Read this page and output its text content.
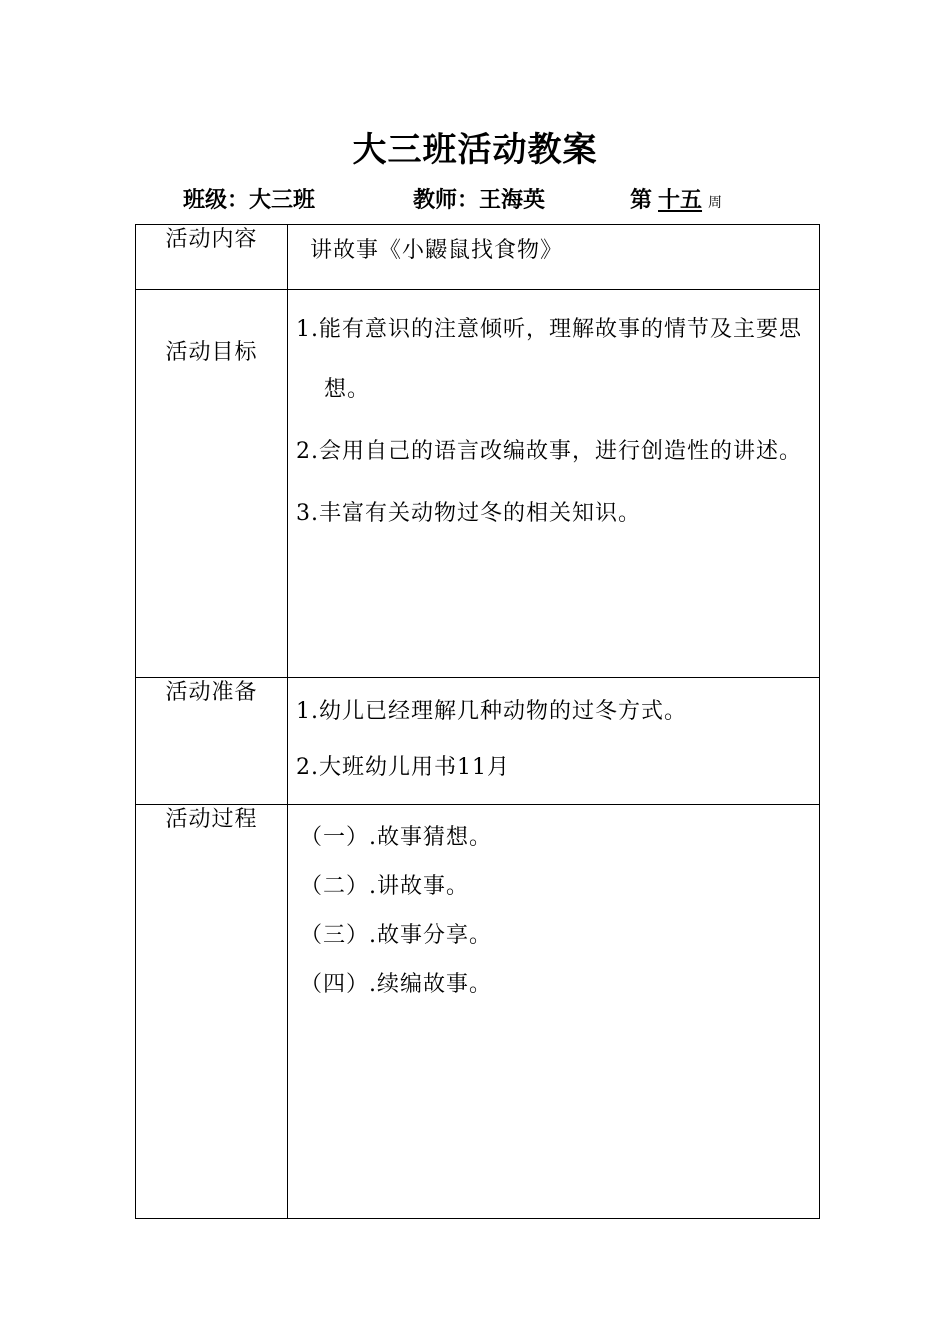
大三班活动教案
班级：大三班	教师：王海英	第 十五 周
活动内容	讲故事《小鼹鼠找食物》

活动目标	1.能有意识的注意倾听，理解故事的情节及主要思想。
2.会用自己的语言改编故事，进行创造性的讲述。
3.丰富有关动物过冬的相关知识。

活动准备	1.幼儿已经理解几种动物的过冬方式。
2.大班幼儿用书11月

活动过程	（一）.故事猜想。
（二）.讲故事。
（三）.故事分享。
（四）.续编故事。
